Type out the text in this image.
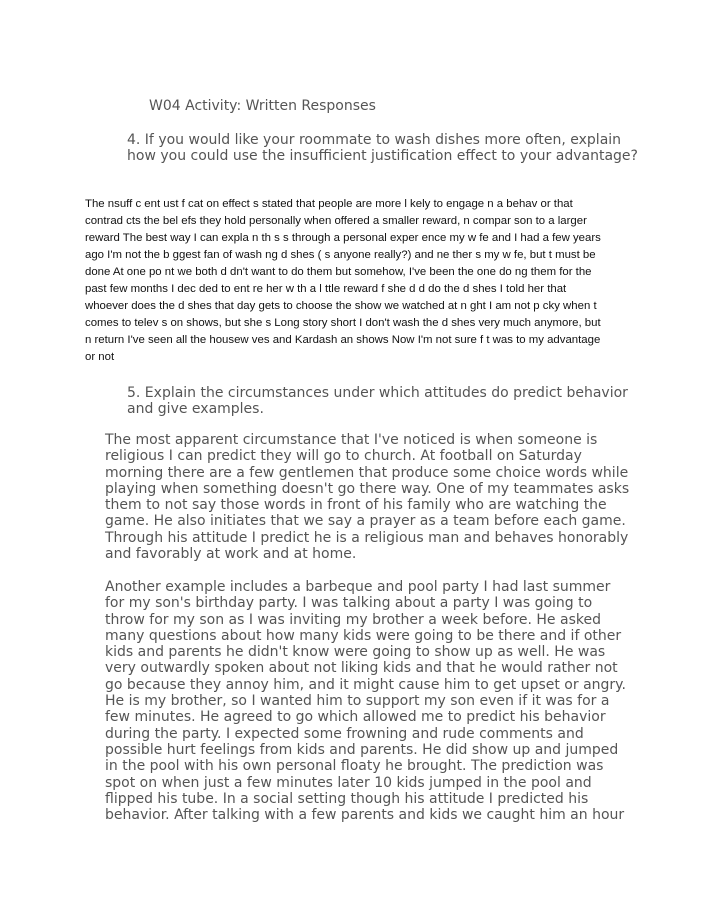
W04 Activity: Written Responses
4. If you would like your roommate to wash dishes more often, explain how you could use the insufficient justification effect to your advantage?
The nsuff c ent ust f cat on effect s stated that people are more l kely to engage n a behav or that
contrad cts the bel efs they hold personally when offered a smaller reward, n compar son to a larger
reward The best way I can expla n th s s through a personal exper ence my w fe and I had a few years
ago I'm not the b ggest fan of wash ng d shes ( s anyone really?) and ne ther s my w fe, but t must be
done At one po nt we both d dn't want to do them but somehow, I've been the one do ng them for the
past few months I dec ded to ent re her w th a l ttle reward f she d d do the d shes I told her that
whoever does the d shes that day gets to choose the show we watched at n ght I am not p cky when t
comes to telev s on shows, but she s Long story short I don't wash the d shes very much anymore, but
n return I've seen all the housew ves and Kardash an shows Now I'm not sure f t was to my advantage
or not
5. Explain the circumstances under which attitudes do predict behavior and give examples.
The most apparent circumstance that I've noticed is when someone is
religious I can predict they will go to church. At football on Saturday
morning there are a few gentlemen that produce some choice words while
playing when something doesn't go there way. One of my teammates asks
them to not say those words in front of his family who are watching the
game. He also initiates that we say a prayer as a team before each game.
Through his attitude I predict he is a religious man and behaves honorably
and favorably at work and at home.
Another example includes a barbeque and pool party I had last summer
for my son's birthday party. I was talking about a party I was going to
throw for my son as I was inviting my brother a week before. He asked
many questions about how many kids were going to be there and if other
kids and parents he didn't know were going to show up as well. He was
very outwardly spoken about not liking kids and that he would rather not
go because they annoy him, and it might cause him to get upset or angry.
He is my brother, so I wanted him to support my son even if it was for a
few minutes. He agreed to go which allowed me to predict his behavior
during the party. I expected some frowning and rude comments and
possible hurt feelings from kids and parents. He did show up and jumped
in the pool with his own personal floaty he brought. The prediction was
spot on when just a few minutes later 10 kids jumped in the pool and
flipped his tube. In a social setting though his attitude I predicted his
behavior. After talking with a few parents and kids we caught him an hour
